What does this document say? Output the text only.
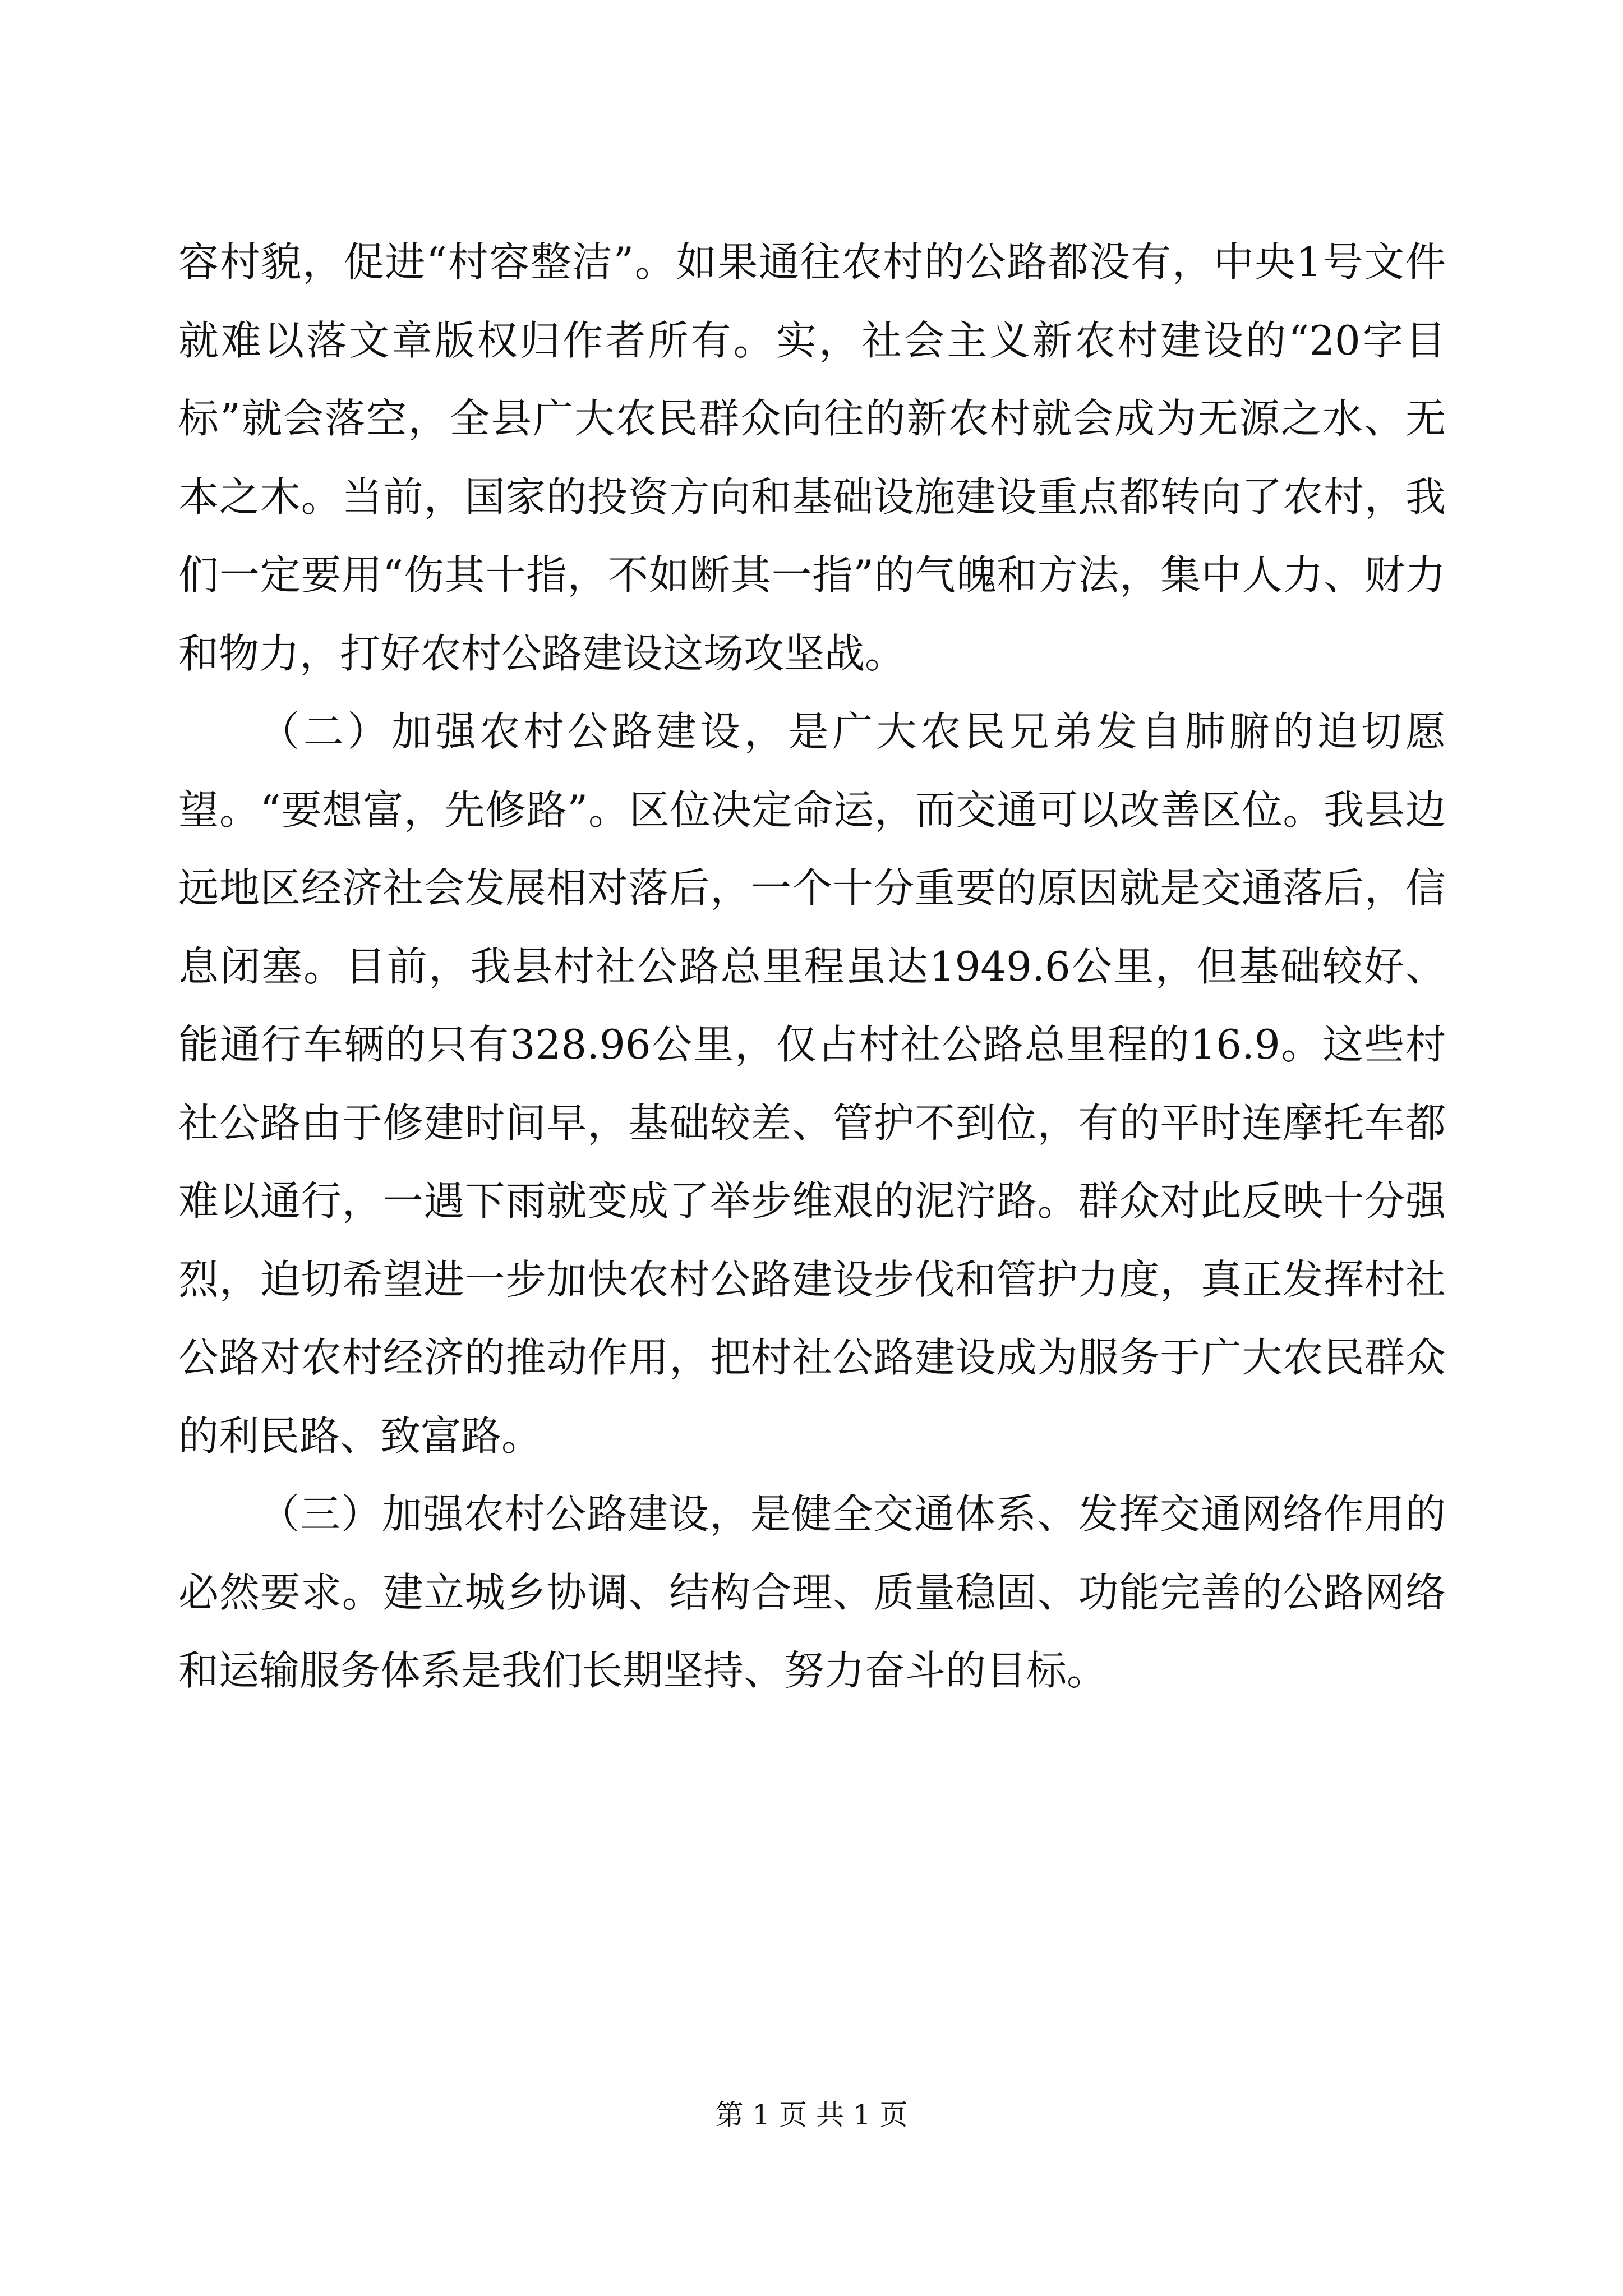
容村貌，促进“村容整洁”。如果通往农村的公路都没有，中央1号文件就难以落文章版权归作者所有。实，社会主义新农村建设的“20字目标”就会落空，全县广大农民群众向往的新农村就会成为无源之水、无本之木。当前，国家的投资方向和基础设施建设重点都转向了农村，我们一定要用“伤其十指，不如断其一指”的气魄和方法，集中人力、财力和物力，打好农村公路建设这场攻坚战。

（二）加强农村公路建设，是广大农民兄弟发自肺腑的迫切愿望。“要想富，先修路”。区位决定命运，而交通可以改善区位。我县边远地区经济社会发展相对落后，一个十分重要的原因就是交通落后，信息闭塞。目前，我县村社公路总里程虽达1949.6公里，但基础较好、能通行车辆的只有328.96公里，仅占村社公路总里程的16.9。这些村社公路由于修建时间早，基础较差、管护不到位，有的平时连摩托车都难以通行，一遇下雨就变成了举步维艰的泥泞路。群众对此反映十分强烈，迫切希望进一步加快农村公路建设步伐和管护力度，真正发挥村社公路对农村经济的推动作用，把村社公路建设成为服务于广大农民群众的利民路、致富路。

（三）加强农村公路建设，是健全交通体系、发挥交通网络作用的必然要求。建立城乡协调、结构合理、质量稳固、功能完善的公路网络和运输服务体系是我们长期坚持、努力奋斗的目标。

第 1 页 共 1 页
